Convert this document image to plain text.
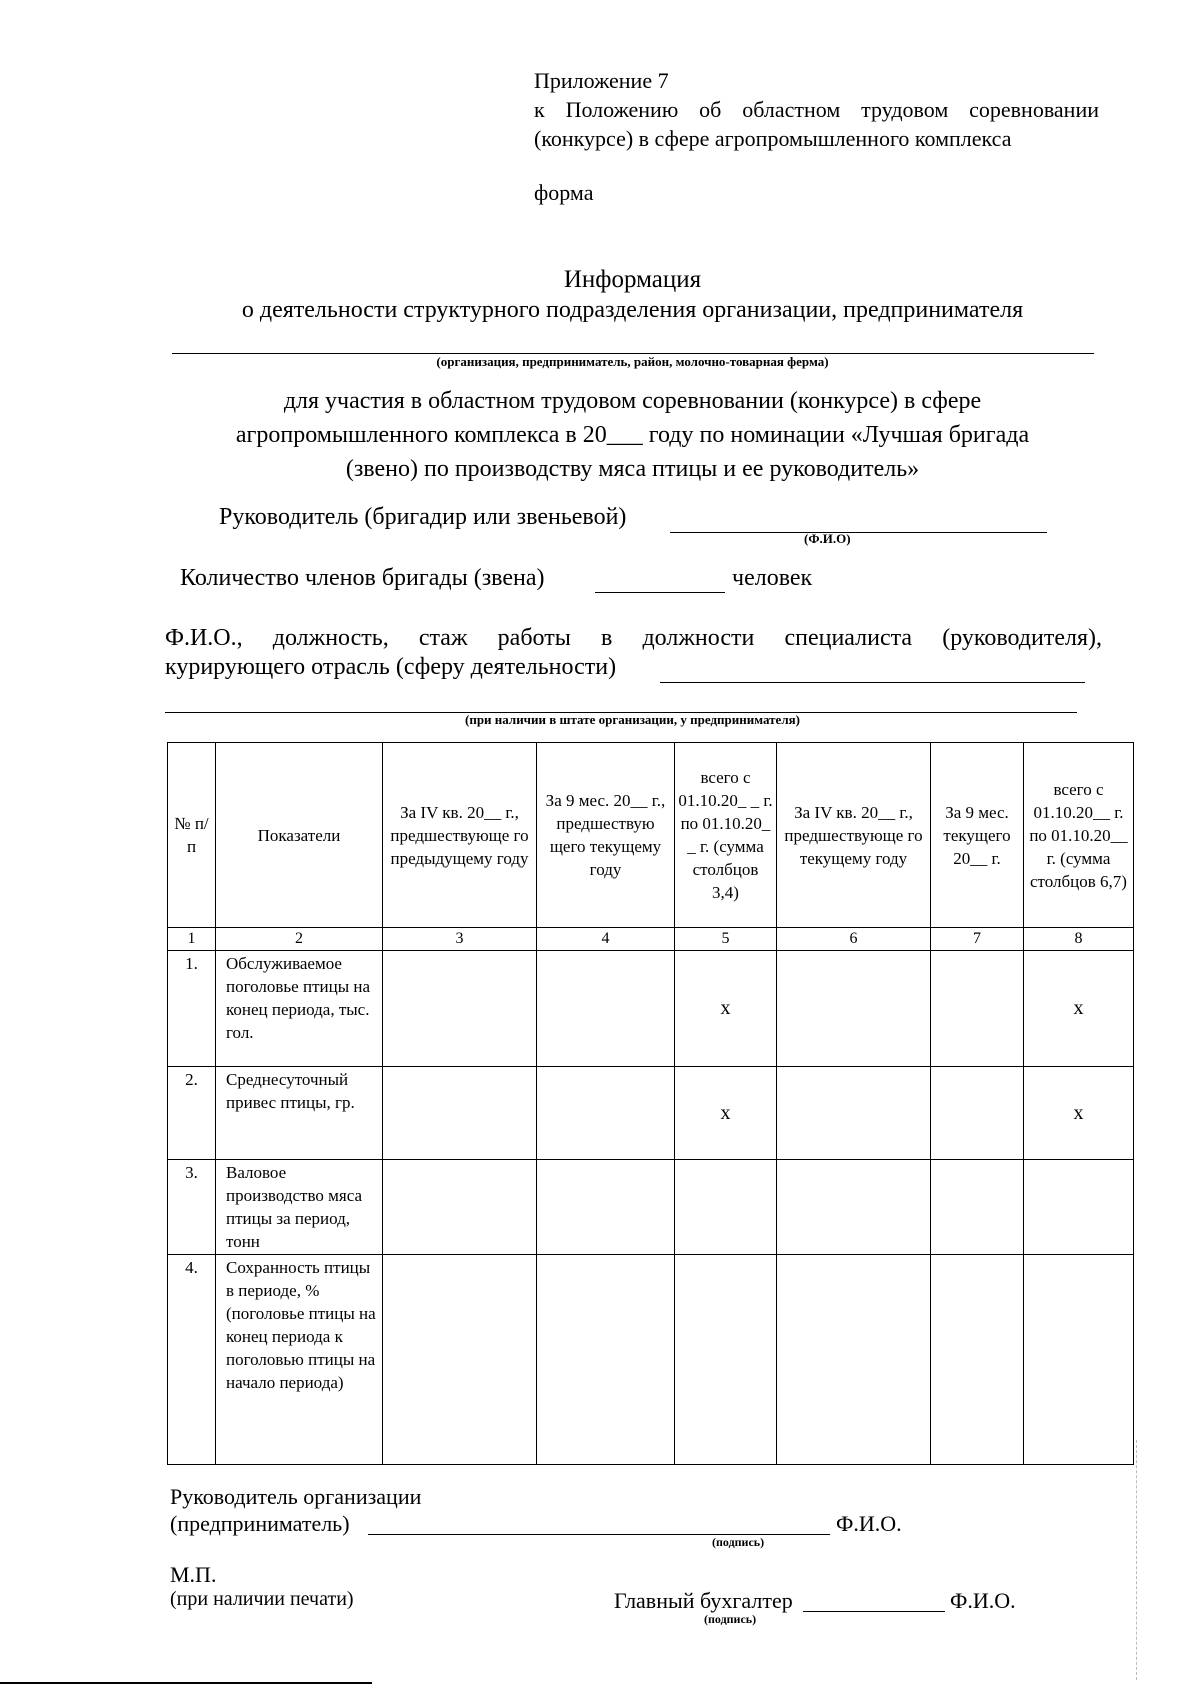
Приложение 7
к Положению об областном трудовом соревновании
(конкурсе) в сфере агропромышленного комплекса
форма
Информация
о деятельности структурного подразделения организации, предпринимателя
(организация, предприниматель, район, молочно-товарная ферма)
для участия в областном трудовом соревновании (конкурсе) в сфере
агропромышленного комплекса в 20___ году по номинации «Лучшая бригада
(звено) по производству мяса птицы и ее руководитель»
Руководитель (бригадир или звеньевой)
(Ф.И.О)
Количество членов бригады (звена)	человек
Ф.И.О., должность, стаж работы в должности специалиста (руководителя),
курирующего отрасль (сферу деятельности)
(при наличии в штате организации, у предпринимателя)
№ п/п	Показатели	За IV кв. 20__ г., предшествующе го предыдущему году	За 9 мес. 20__ г., предшествую щего текущему году	всего с 01.10.20_ _ г. по 01.10.20_ _ г. (сумма столбцов 3,4)	За IV кв. 20__ г., предшествующе го текущему году	За 9 мес. текущего 20__ г.	всего с 01.10.20__ г. по 01.10.20__ г. (сумма столбцов 6,7)
1	2	3	4	5	6	7	8
1.	Обслуживаемое поголовье птицы на конец периода, тыс. гол.			x			x
2.	Среднесуточный привес птицы, гр.			x			x
3.	Валовое производство мяса птицы за период, тонн						
4.	Сохранность птицы в периоде, % (поголовье птицы на конец периода к поголовью птицы на начало периода)						
Руководитель организации
(предприниматель)	Ф.И.О.
(подпись)
М.П.
(при наличии печати)	Главный бухгалтер	Ф.И.О.
(подпись)
